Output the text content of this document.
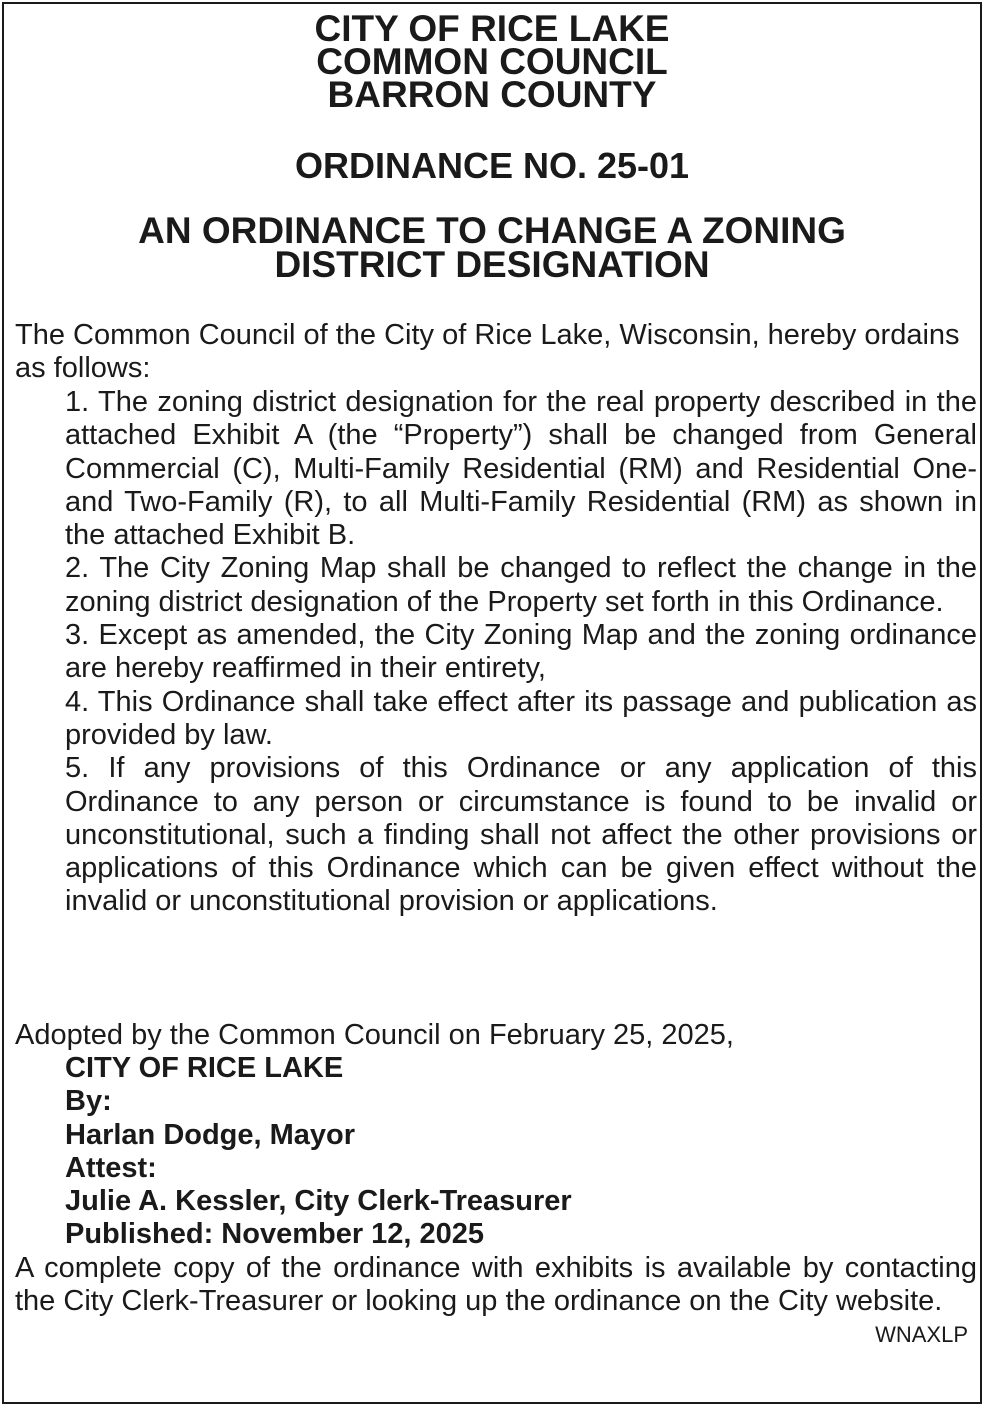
CITY OF RICE LAKE
COMMON COUNCIL
BARRON COUNTY
ORDINANCE NO. 25-01
AN ORDINANCE TO CHANGE A ZONING
DISTRICT DESIGNATION
The Common Council of the City of Rice Lake, Wisconsin, hereby ordains as follows:
1. The zoning district designation for the real property described in the attached Exhibit A (the “Property”) shall be changed from General Commercial (C), Multi-Family Residential (RM) and Residential One- and Two-Family (R), to all Multi-Family Residential (RM) as shown in the attached Exhibit B.
2. The City Zoning Map shall be changed to reflect the change in the zoning district designation of the Property set forth in this Ordinance.
3. Except as amended, the City Zoning Map and the zoning ordinance are hereby reaffirmed in their entirety,
4. This Ordinance shall take effect after its passage and publication as provided by law.
5. If any provisions of this Ordinance or any application of this Ordinance to any person or circumstance is found to be invalid or unconstitutional, such a finding shall not affect the other provisions or applications of this Ordinance which can be given effect without the invalid or unconstitutional provision or applications.
Adopted by the Common Council on February 25, 2025,
CITY OF RICE LAKE
By:
Harlan Dodge, Mayor
Attest:
Julie A. Kessler, City Clerk-Treasurer
Published: November 12, 2025
A complete copy of the ordinance with exhibits is available by contacting the City Clerk-Treasurer or looking up the ordinance on the City website.
WNAXLP
